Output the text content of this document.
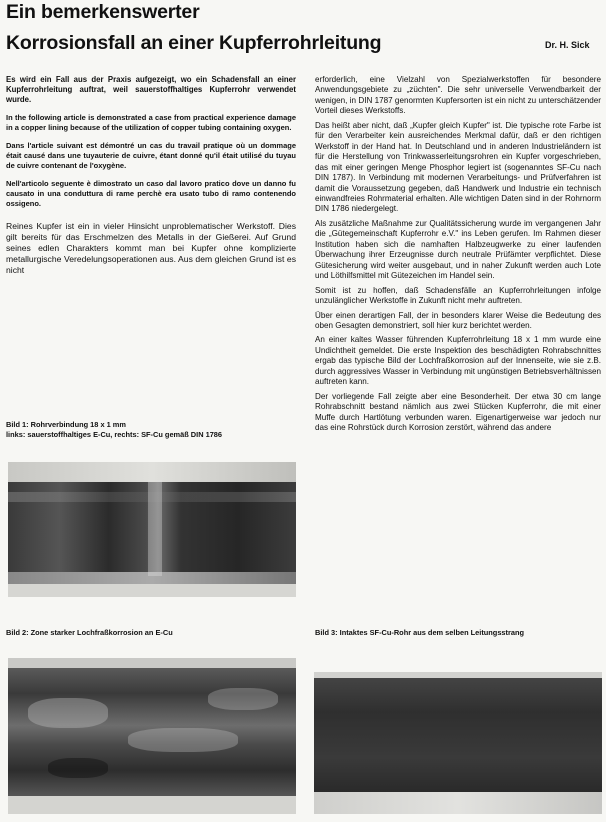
Ein bemerkenswerter
Korrosionsfall an einer Kupferrohrleitung	Dr. H. Sick

Es wird ein Fall aus der Praxis aufgezeigt, wo ein Schadensfall an einer Kupferrohrleitung auftrat, weil sauerstoffhaltiges Kupferrohr verwendet wurde.

In the following article is demonstrated a case from practical experience damage in a copper lining because of the utilization of copper tubing containing oxygen.

Dans l'article suivant est démontré un cas du travail pratique où un dommage était causé dans une tuyauterie de cuivre, étant donné qu'il était utilisé du tuyau de cuivre contenant de l'oxygène.

Nell'articolo seguente è dimostrato un caso dal lavoro pratico dove un danno fu causato in una conduttura di rame perchè era usato tubo di ramo contenendo ossigeno.

Reines Kupfer ist ein in vieler Hinsicht unproblematischer Werkstoff. Dies gilt bereits für das Erschmelzen des Metalls in der Gießerei. Auf Grund seines edlen Charakters kommt man bei Kupfer ohne komplizierte metallurgische Veredelungsoperationen aus. Aus dem gleichen Grund ist es nicht

erforderlich, eine Vielzahl von Spezialwerkstoffen für besondere Anwendungsgebiete zu „züchten". Die sehr universelle Verwendbarkeit der wenigen, in DIN 1787 genormten Kupfersorten ist ein nicht zu unterschätzender Vorteil dieses Werkstoffs.

Das heißt aber nicht, daß „Kupfer gleich Kupfer" ist. Die typische rote Farbe ist für den Verarbeiter kein ausreichendes Merkmal dafür, daß er den richtigen Werkstoff in der Hand hat. In Deutschland und in anderen Industrieländern ist für die Herstellung von Trinkwasserleitungsrohren ein Kupfer vorgeschrieben, das mit einer geringen Menge Phosphor legiert ist (sogenanntes SF-Cu nach DIN 1787). In Verbindung mit modernen Verarbeitungs- und Prüfverfahren ist damit die Voraussetzung gegeben, daß Handwerk und Industrie ein technisch einwandfreies Rohrmaterial erhalten. Alle wichtigen Daten sind in der Rohrnorm DIN 1786 niedergelegt.

Als zusätzliche Maßnahme zur Qualitätssicherung wurde im vergangenen Jahr die „Gütegemeinschaft Kupferrohr e.V." ins Leben gerufen. Im Rahmen dieser Institution haben sich die namhaften Halbzeugwerke zu einer laufenden Überwachung ihrer Erzeugnisse durch neutrale Prüfämter verpflichtet. Diese Gütesicherung wird weiter ausgebaut, und in naher Zukunft werden auch Lote und Löthilfsmittel mit Gütezeichen im Handel sein.

Somit ist zu hoffen, daß Schadensfälle an Kupferrohrleitungen infolge unzulänglicher Werkstoffe in Zukunft nicht mehr auftreten.

Über einen derartigen Fall, der in besonders klarer Weise die Bedeutung des oben Gesagten demonstriert, soll hier kurz berichtet werden.

An einer kaltes Wasser führenden Kupferrohrleitung 18 x 1 mm wurde eine Undichtheit gemeldet. Die erste Inspektion des beschädigten Rohrabschnittes ergab das typische Bild der Lochfraßkorrosion auf der Innenseite, wie sie z.B. durch aggressives Wasser in Verbindung mit ungünstigen Betriebsverhältnissen auftreten kann.

Der vorliegende Fall zeigte aber eine Besonderheit. Der etwa 30 cm lange Rohrabschnitt bestand nämlich aus zwei Stücken Kupferrohr, die mit einer Muffe durch Hartlötung verbunden waren. Eigenartigerweise war jedoch nur das eine Rohrstück durch Korrosion zerstört, während das andere

Bild 1: Rohrverbindung 18 x 1 mm
links: sauerstoffhaltiges E-Cu, rechts: SF-Cu gemäß DIN 1786
Bild 2: Zone starker Lochfraßkorrosion an E-Cu	Bild 3: Intaktes SF-Cu-Rohr aus dem selben Leitungsstrang
